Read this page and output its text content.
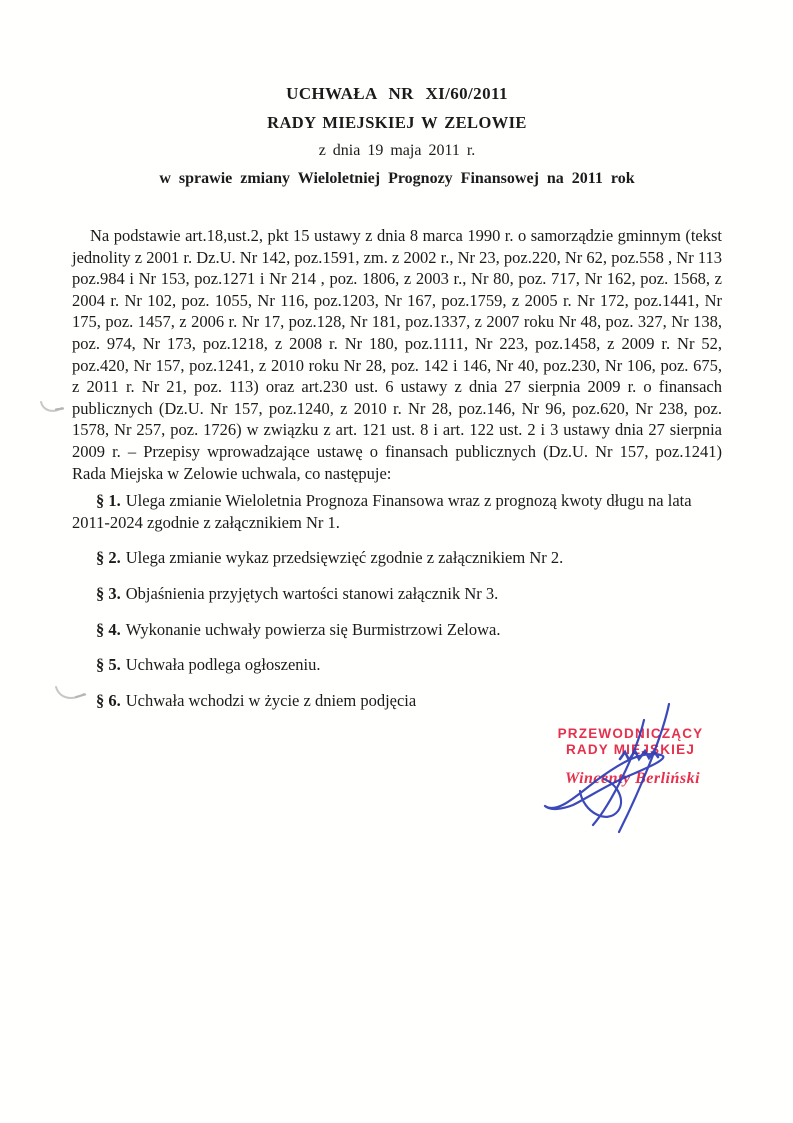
UCHWAŁA NR XI/60/2011

RADY MIEJSKIEJ W ZELOWIE

z dnia 19 maja 2011 r.

w sprawie zmiany Wieloletniej Prognozy Finansowej na 2011 rok

Na podstawie art.18,ust.2, pkt 15 ustawy z dnia 8 marca 1990 r. o samorządzie gminnym (tekst jednolity z 2001 r. Dz.U. Nr 142, poz.1591, zm. z 2002 r., Nr 23, poz.220, Nr 62, poz.558 , Nr 113 poz.984 i Nr 153, poz.1271 i Nr 214 , poz. 1806, z 2003 r., Nr 80, poz. 717, Nr 162, poz. 1568, z 2004 r. Nr 102, poz. 1055, Nr 116, poz.1203, Nr 167, poz.1759, z 2005 r. Nr 172, poz.1441, Nr 175, poz. 1457, z 2006 r. Nr 17, poz.128, Nr 181, poz.1337, z 2007 roku Nr 48, poz. 327, Nr 138, poz. 974, Nr 173, poz.1218, z 2008 r. Nr 180, poz.1111, Nr 223, poz.1458, z 2009 r. Nr 52, poz.420, Nr 157, poz.1241, z 2010 roku Nr 28, poz. 142 i 146, Nr 40, poz.230, Nr 106, poz. 675, z 2011 r. Nr 21, poz. 113) oraz art.230 ust. 6 ustawy z dnia 27 sierpnia 2009 r. o finansach publicznych (Dz.U. Nr 157, poz.1240, z 2010 r. Nr 28, poz.146, Nr 96, poz.620, Nr 238, poz. 1578, Nr 257, poz. 1726) w związku z art. 121 ust. 8 i art. 122 ust. 2 i 3 ustawy dnia 27 sierpnia 2009 r. – Przepisy wprowadzające ustawę o finansach publicznych (Dz.U. Nr 157, poz.1241) Rada Miejska w Zelowie uchwala, co następuje:

§ 1. Ulega zmianie Wieloletnia Prognoza Finansowa wraz z prognozą kwoty długu na lata 2011-2024 zgodnie z załącznikiem Nr 1.

§ 2. Ulega zmianie wykaz przedsięwzięć zgodnie z załącznikiem Nr 2.

§ 3. Objaśnienia przyjętych wartości stanowi załącznik Nr 3.

§ 4. Wykonanie uchwały powierza się Burmistrzowi Zelowa.

§ 5. Uchwała podlega ogłoszeniu.

§ 6. Uchwała wchodzi w życie z dniem podjęcia

PRZEWODNICZĄCY
RADY MIEJSKIEJ
Wincenty Berliński
